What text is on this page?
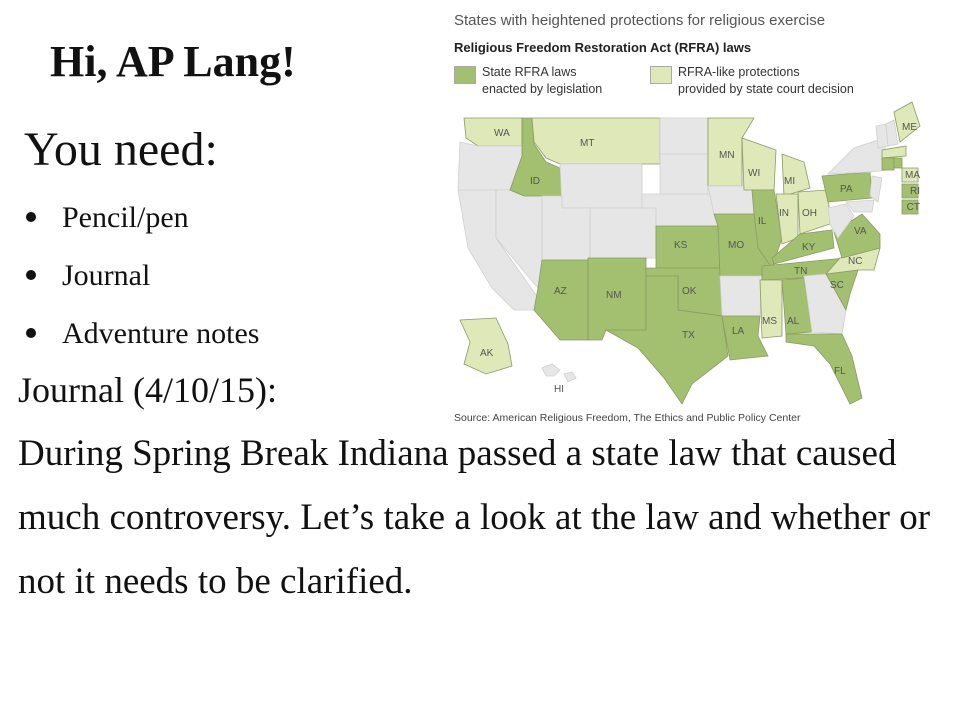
Hi, AP Lang!
You need:
Pencil/pen
Journal
Adventure notes
Journal (4/10/15):
During Spring Break Indiana passed a state law that caused much controversy. Let’s take a look at the law and whether or not it needs to be clarified.
States with heightened protections for religious exercise
Religious Freedom Restoration Act (RFRA) laws
State RFRA laws
enacted by legislation
RFRA-like protections
provided by state court decision
WA
MT
ID
MN
WI
MI
ME
PA
OH
IN
IL
MO
KS	KY
VA
NC
TN
SC
AZ	NM	OK
TX	LA
MS AL
FL
AK
HI
MA
RI
CT
Source: American Religious Freedom, The Ethics and Public Policy Center
